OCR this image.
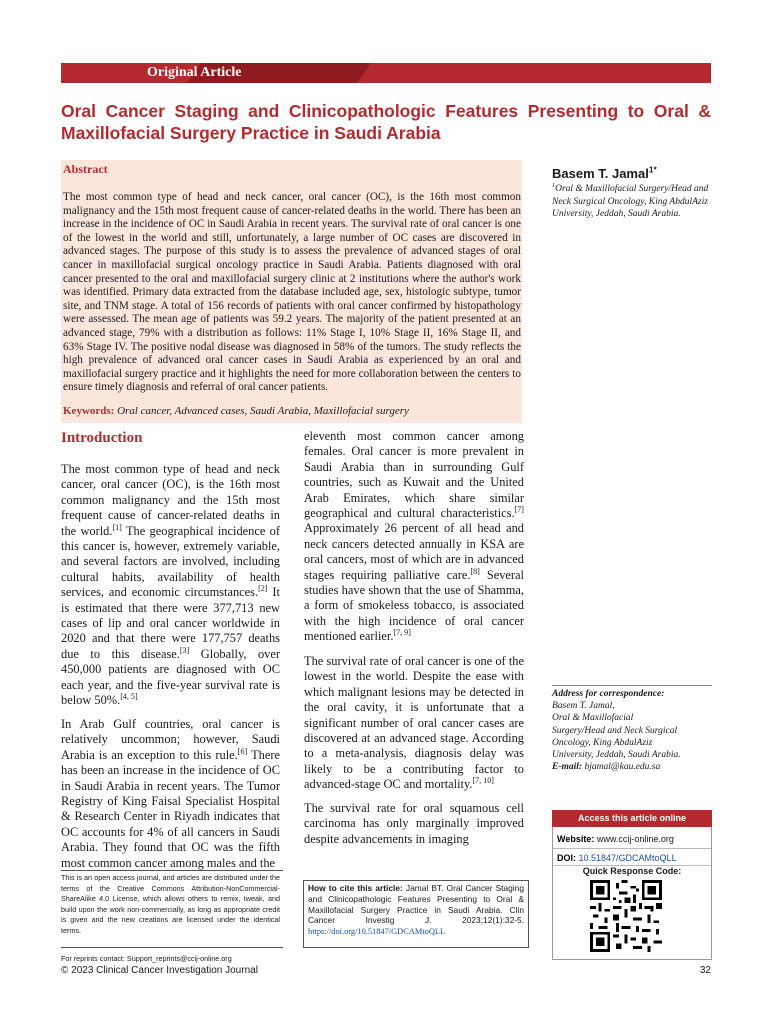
Original Article
Oral Cancer Staging and Clinicopathologic Features Presenting to Oral &
Maxillofacial Surgery Practice in Saudi Arabia
Abstract
The most common type of head and neck cancer, oral cancer (OC), is the 16th most common malignancy and the 15th most frequent cause of cancer-related deaths in the world. There has been an increase in the incidence of OC in Saudi Arabia in recent years. The survival rate of oral cancer is one of the lowest in the world and still, unfortunately, a large number of OC cases are discovered in advanced stages. The purpose of this study is to assess the prevalence of advanced stages of oral cancer in maxillofacial surgical oncology practice in Saudi Arabia. Patients diagnosed with oral cancer presented to the oral and maxillofacial surgery clinic at 2 institutions where the author's work was identified. Primary data extracted from the database included age, sex, histologic subtype, tumor site, and TNM stage. A total of 156 records of patients with oral cancer confirmed by histopathology were assessed. The mean age of patients was 59.2 years. The majority of the patient presented at an advanced stage, 79% with a distribution as follows: 11% Stage I, 10% Stage II, 16% Stage II, and 63% Stage IV. The positive nodal disease was diagnosed in 58% of the tumors. The study reflects the high prevalence of advanced oral cancer cases in Saudi Arabia as experienced by an oral and maxillofacial surgery practice and it highlights the need for more collaboration between the centers to ensure timely diagnosis and referral of oral cancer patients.
Keywords: Oral cancer, Advanced cases, Saudi Arabia, Maxillofacial surgery
Basem T. Jamal$^{1*}$
$^1$Oral & Maxillofacial Surgery/Head and Neck Surgical Oncology, King AbdulAziz University, Jeddah, Saudi Arabia.
Introduction
The most common type of head and neck cancer, oral cancer (OC), is the 16th most common malignancy and the 15th most frequent cause of cancer-related deaths in the world.[1] The geographical incidence of this cancer is, however, extremely variable, and several factors are involved, including cultural habits, availability of health services, and economic circumstances.[2] It is estimated that there were 377,713 new cases of lip and oral cancer worldwide in 2020 and that there were 177,757 deaths due to this disease.[3] Globally, over 450,000 patients are diagnosed with OC each year, and the five-year survival rate is below 50%.[4, 5]
In Arab Gulf countries, oral cancer is relatively uncommon; however, Saudi Arabia is an exception to this rule.[6] There has been an increase in the incidence of OC in Saudi Arabia in recent years. The Tumor Registry of King Faisal Specialist Hospital & Research Center in Riyadh indicates that OC accounts for 4% of all cancers in Saudi Arabia. They found that OC was the fifth most common cancer among males and the
eleventh most common cancer among females. Oral cancer is more prevalent in Saudi Arabia than in surrounding Gulf countries, such as Kuwait and the United Arab Emirates, which share similar geographical and cultural characteristics.[7] Approximately 26 percent of all head and neck cancers detected annually in KSA are oral cancers, most of which are in advanced stages requiring palliative care.[8] Several studies have shown that the use of Shamma, a form of smokeless tobacco, is associated with the high incidence of oral cancer mentioned earlier.[7, 9]
The survival rate of oral cancer is one of the lowest in the world. Despite the ease with which malignant lesions may be detected in the oral cavity, it is unfortunate that a significant number of oral cancer cases are discovered at an advanced stage. According to a meta-analysis, diagnosis delay was likely to be a contributing factor to advanced-stage OC and mortality.[7, 10]
The survival rate for oral squamous cell carcinoma has only marginally improved despite advancements in imaging
Address for correspondence:
Basem T. Jamal,
Oral & Maxillofacial
Surgery/Head and Neck Surgical
Oncology, King AbdulAziz
University, Jeddah, Saudi Arabia.
E-mail: bjamal@kau.edu.sa
Access this article online
Website: www.ccij-online.org
DOI: 10.51847/GDCAMtoQLL
Quick Response Code:
This is an open access journal, and articles are distributed under the terms of the Creative Commons Attribution-NonCommercial-ShareAlike 4.0 License, which allows others to remix, tweak, and build upon the work non-commercially, as long as appropriate credit is given and the new creations are licensed under the identical terms.
How to cite this article: Jamal BT. Oral Cancer Staging and Clinicopathologic Features Presenting to Oral & Maxillofacial Surgery Practice in Saudi Arabia. Clin Cancer Investig J. 2023;12(1):32-5. https://doi.org/10.51847/GDCAMtoQLL
For reprints contact: Support_reprints@ccij-online.org
© 2023 Clinical Cancer Investigation Journal	32
